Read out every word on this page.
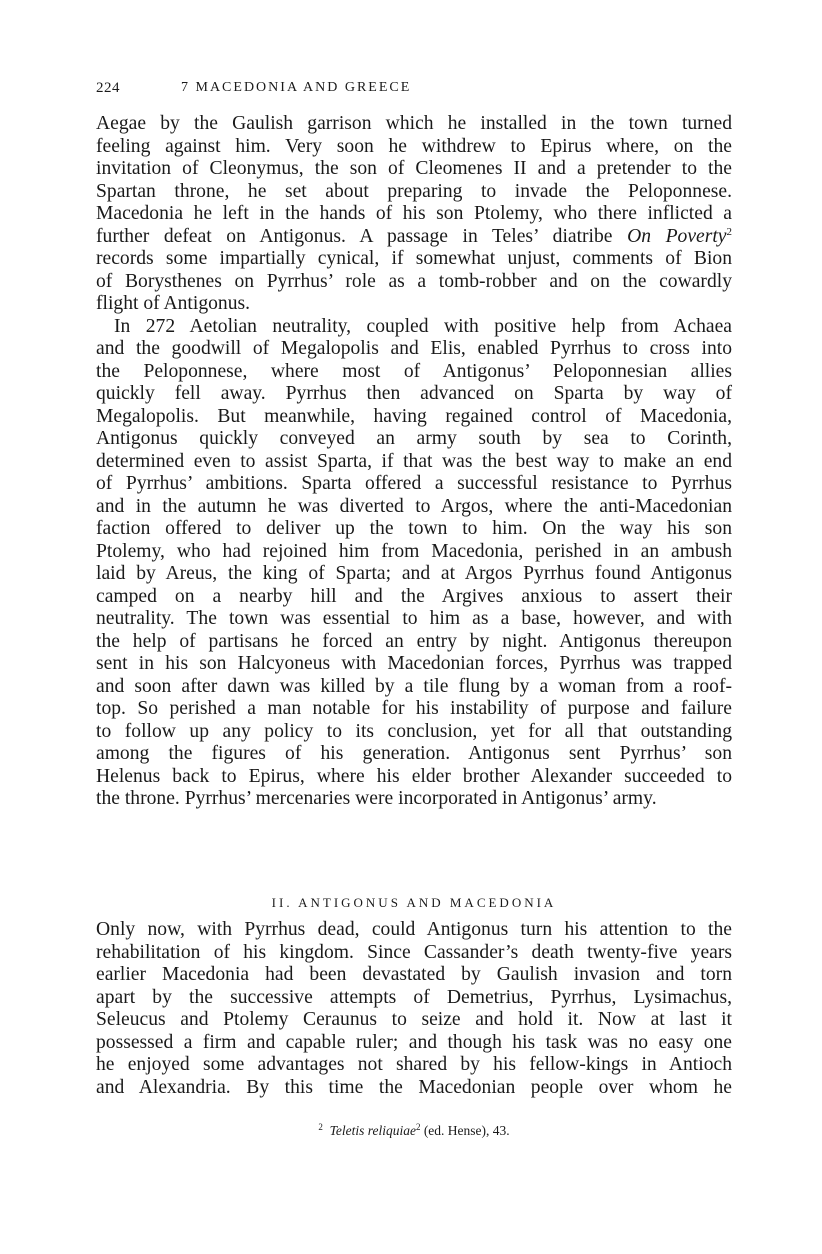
224	7 MACEDONIA AND GREECE
Aegae by the Gaulish garrison which he installed in the town turned
feeling against him. Very soon he withdrew to Epirus where, on the
invitation of Cleonymus, the son of Cleomenes II and a pretender to the
Spartan throne, he set about preparing to invade the Peloponnese.
Macedonia he left in the hands of his son Ptolemy, who there inflicted a
further defeat on Antigonus. A passage in Teles’ diatribe On Poverty$^2$
records some impartially cynical, if somewhat unjust, comments of Bion
of Borysthenes on Pyrrhus’ role as a tomb-robber and on the cowardly
flight of Antigonus.
In 272 Aetolian neutrality, coupled with positive help from Achaea
and the goodwill of Megalopolis and Elis, enabled Pyrrhus to cross into
the Peloponnese, where most of Antigonus’ Peloponnesian allies
quickly fell away. Pyrrhus then advanced on Sparta by way of
Megalopolis. But meanwhile, having regained control of Macedonia,
Antigonus quickly conveyed an army south by sea to Corinth,
determined even to assist Sparta, if that was the best way to make an end
of Pyrrhus’ ambitions. Sparta offered a successful resistance to Pyrrhus
and in the autumn he was diverted to Argos, where the anti-Macedonian
faction offered to deliver up the town to him. On the way his son
Ptolemy, who had rejoined him from Macedonia, perished in an ambush
laid by Areus, the king of Sparta; and at Argos Pyrrhus found Antigonus
camped on a nearby hill and the Argives anxious to assert their
neutrality. The town was essential to him as a base, however, and with
the help of partisans he forced an entry by night. Antigonus thereupon
sent in his son Halcyoneus with Macedonian forces, Pyrrhus was trapped
and soon after dawn was killed by a tile flung by a woman from a roof-
top. So perished a man notable for his instability of purpose and failure
to follow up any policy to its conclusion, yet for all that outstanding
among the figures of his generation. Antigonus sent Pyrrhus’ son
Helenus back to Epirus, where his elder brother Alexander succeeded to
the throne. Pyrrhus’ mercenaries were incorporated in Antigonus’ army.
II. ANTIGONUS AND MACEDONIA
Only now, with Pyrrhus dead, could Antigonus turn his attention to the
rehabilitation of his kingdom. Since Cassander’s death twenty-five years
earlier Macedonia had been devastated by Gaulish invasion and torn
apart by the successive attempts of Demetrius, Pyrrhus, Lysimachus,
Seleucus and Ptolemy Ceraunus to seize and hold it. Now at last it
possessed a firm and capable ruler; and though his task was no easy one
he enjoyed some advantages not shared by his fellow-kings in Antioch
and Alexandria. By this time the Macedonian people over whom he
$^2$ Teletis reliquiae$^2$ (ed. Hense), 43.
